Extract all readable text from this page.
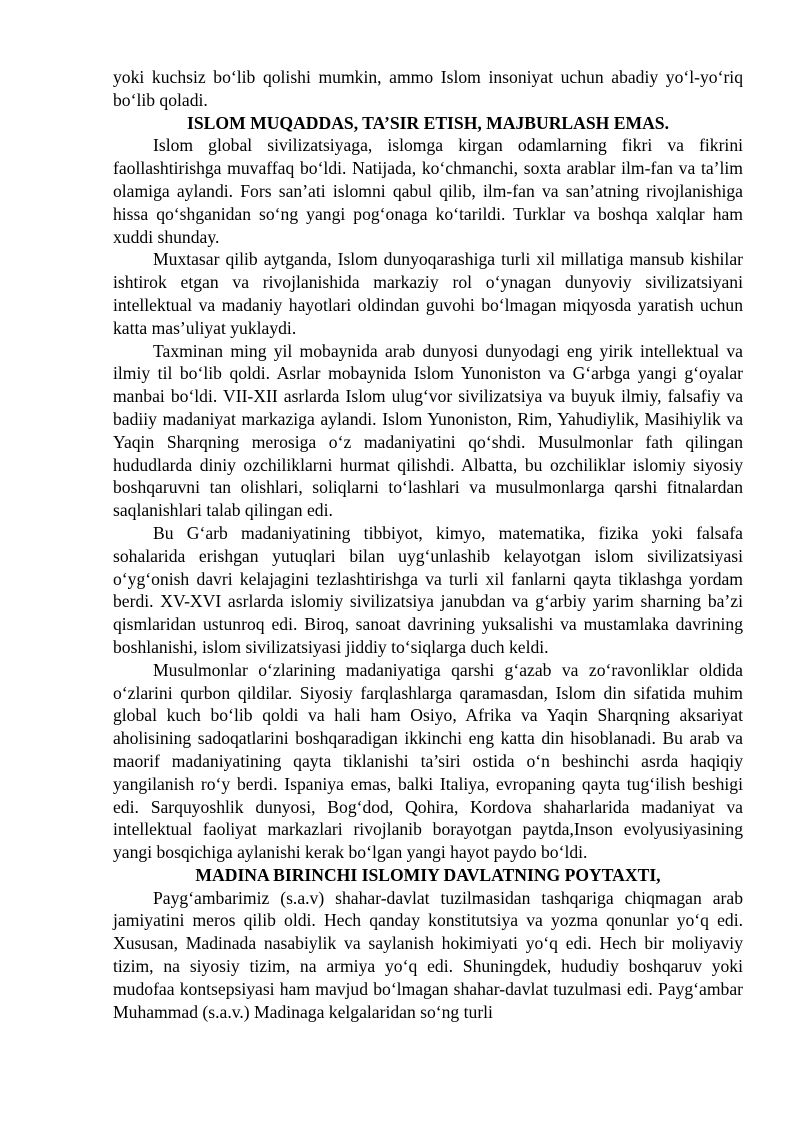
yoki kuchsiz bo‘lib qolishi mumkin, ammo Islom insoniyat uchun abadiy yo‘l-yo‘riq bo‘lib qoladi.

ISLOM MUQADDAS, TA’SIR ETISH, MAJBURLASH EMAS.

Islom global sivilizatsiyaga, islomga kirgan odamlarning fikri va fikrini faollashtirishga muvaffaq bo‘ldi. Natijada, ko‘chmanchi, soxta arablar ilm-fan va ta’lim olamiga aylandi. Fors san’ati islomni qabul qilib, ilm-fan va san’atning rivojlanishiga hissa qo‘shganidan so‘ng yangi pog‘onaga ko‘tarildi. Turklar va boshqa xalqlar ham xuddi shunday.

Muxtasar qilib aytganda, Islom dunyoqarashiga turli xil millatiga mansub kishilar ishtirok etgan va rivojlanishida markaziy rol o‘ynagan dunyoviy sivilizatsiyani intellektual va madaniy hayotlari oldindan guvohi bo‘lmagan miqyosda yaratish uchun katta mas’uliyat yuklaydi.

Taxminan ming yil mobaynida arab dunyosi dunyodagi eng yirik intellektual va ilmiy til bo‘lib qoldi. Asrlar mobaynida Islom Yunoniston va G‘arbga yangi g‘oyalar manbai bo‘ldi. VII-XII asrlarda Islom ulug‘vor sivilizatsiya va buyuk ilmiy, falsafiy va badiiy madaniyat markaziga aylandi. Islom Yunoniston, Rim, Yahudiylik, Masihiylik va Yaqin Sharqning merosiga o‘z madaniyatini qo‘shdi. Musulmonlar fath qilingan hududlarda diniy ozchiliklarni hurmat qilishdi. Albatta, bu ozchiliklar islomiy siyosiy boshqaruvni tan olishlari, soliqlarni to‘lashlari va musulmonlarga qarshi fitnalardan saqlanishlari talab qilingan edi.

Bu G‘arb madaniyatining tibbiyot, kimyo, matematika, fizika yoki falsafa sohalarida erishgan yutuqlari bilan uyg‘unlashib kelayotgan islom sivilizatsiyasi o‘yg‘onish davri kelajagini tezlashtirishga va turli xil fanlarni qayta tiklashga yordam berdi. XV-XVI asrlarda islomiy sivilizatsiya janubdan va g‘arbiy yarim sharning ba’zi qismlaridan ustunroq edi. Biroq, sanoat davrining yuksalishi va mustamlaka davrining boshlanishi, islom sivilizatsiyasi jiddiy to‘siqlarga duch keldi.

Musulmonlar o‘zlarining madaniyatiga qarshi g‘azab va zo‘ravonliklar oldida o‘zlarini qurbon qildilar. Siyosiy farqlashlarga qaramasdan, Islom din sifatida muhim global kuch bo‘lib qoldi va hali ham Osiyo, Afrika va Yaqin Sharqning aksariyat aholisining sadoqatlarini boshqaradigan ikkinchi eng katta din hisoblanadi. Bu arab va maorif madaniyatining qayta tiklanishi ta’siri ostida o‘n beshinchi asrda haqiqiy yangilanish ro‘y berdi. Ispaniya emas, balki Italiya, evropaning qayta tug‘ilish beshigi edi. Sarquyoshlik dunyosi, Bog‘dod, Qohira, Kordova shaharlarida madaniyat va intellektual faoliyat markazlari rivojlanib borayotgan paytda,Inson evolyusiyasining yangi bosqichiga aylanishi kerak bo‘lgan yangi hayot paydo bo‘ldi.

MADINA BIRINCHI ISLOMIY DAVLATNING POYTAXTI,

Payg‘ambarimiz (s.a.v) shahar-davlat tuzilmasidan tashqariga chiqmagan arab jamiyatini meros qilib oldi. Hech qanday konstitutsiya va yozma qonunlar yo‘q edi. Xususan, Madinada nasabiylik va saylanish hokimiyati yo‘q edi. Hech bir moliyaviy tizim, na siyosiy tizim, na armiya yo‘q edi. Shuningdek, hududiy boshqaruv yoki mudofaa kontsepsiyasi ham mavjud bo‘lmagan shahar-davlat tuzulmasi edi. Payg‘ambar Muhammad (s.a.v.) Madinaga kelgalaridan so‘ng turli
